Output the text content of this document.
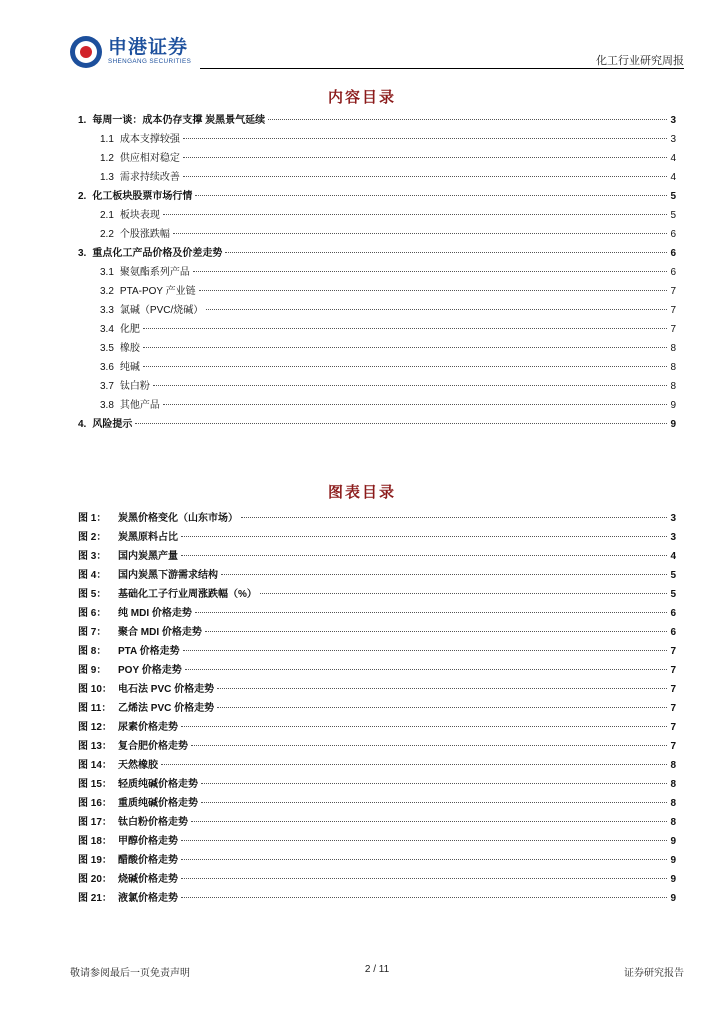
申港证券
SHENGANG SECURITIES	化工行业研究周报
内容目录
1. 每周一谈：成本仍存支撑 炭黑景气延续	3
1.1 成本支撑较强	3
1.2 供应相对稳定	4
1.3 需求持续改善	4
2. 化工板块股票市场行情	5
2.1 板块表现	5
2.2 个股涨跌幅	6
3. 重点化工产品价格及价差走势	6
3.1 聚氨酯系列产品	6
3.2 PTA-POY 产业链	7
3.3 氯碱（PVC/烧碱）	7
3.4 化肥	7
3.5 橡胶	8
3.6 纯碱	8
3.7 钛白粉	8
3.8 其他产品	9
4. 风险提示	9
图表目录
图 1：	炭黑价格变化（山东市场）	3
图 2：	炭黑原料占比	3
图 3：	国内炭黑产量	4
图 4：	国内炭黑下游需求结构	5
图 5：	基础化工子行业周涨跌幅（%）	5
图 6：	纯 MDI 价格走势	6
图 7：	聚合 MDI 价格走势	6
图 8：	PTA 价格走势	7
图 9：	POY 价格走势	7
图 10： 电石法 PVC 价格走势	7
图 11： 乙烯法 PVC 价格走势	7
图 12： 尿素价格走势	7
图 13： 复合肥价格走势	7
图 14： 天然橡胶	8
图 15： 轻质纯碱价格走势	8
图 16： 重质纯碱价格走势	8
图 17： 钛白粉价格走势	8
图 18： 甲醇价格走势	9
图 19： 醋酸价格走势	9
图 20： 烧碱价格走势	9
图 21： 液氯价格走势	9
敬请参阅最后一页免责声明	2 / 11	证券研究报告
